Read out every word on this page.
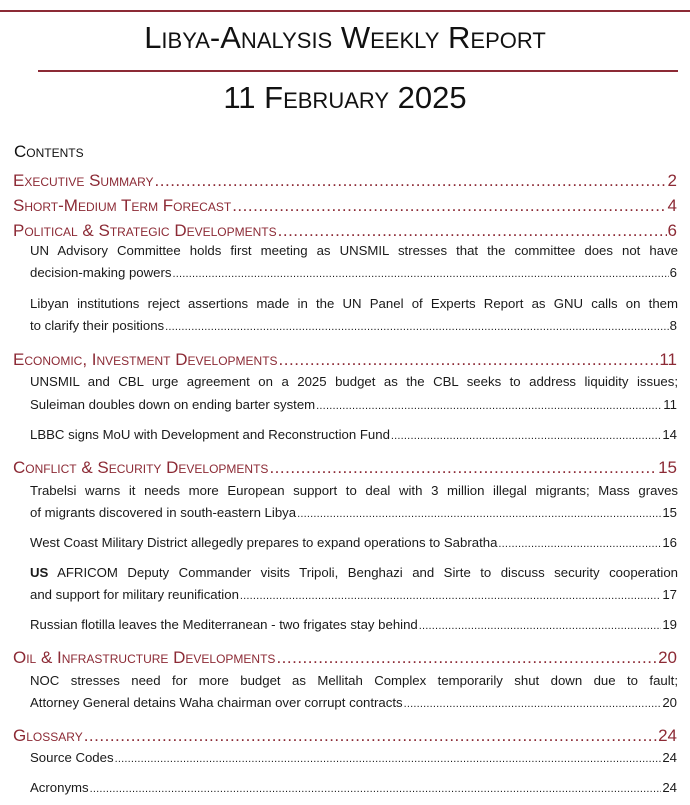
Libya-Analysis Weekly Report
11 February 2025
Contents
Executive Summary .....	2
Short-Medium Term Forecast .....	4
Political & Strategic Developments .....	6
UN Advisory Committee holds first meeting as UNSMIL stresses that the committee does not have
decision-making powers .....	6
Libyan institutions reject assertions made in the UN Panel of Experts Report as GNU calls on them
to clarify their positions .....	8
Economic, Investment Developments .....	11
UNSMIL and CBL urge agreement on a 2025 budget as the CBL seeks to address liquidity issues;
Suleiman doubles down on ending barter system .....	11
LBBC signs MoU with Development and Reconstruction Fund .....	14
Conflict & Security Developments .....	15
Trabelsi warns it needs more European support to deal with 3 million illegal migrants; Mass graves
of migrants discovered in south-eastern Libya .....	15
West Coast Military District allegedly prepares to expand operations to Sabratha .....	16
US AFRICOM Deputy Commander visits Tripoli, Benghazi and Sirte to discuss security cooperation
and support for military reunification .....	17
Russian flotilla leaves the Mediterranean - two frigates stay behind .....	19
Oil & Infrastructure Developments .....	20
NOC stresses need for more budget as Mellitah Complex temporarily shut down due to fault;
Attorney General detains Waha chairman over corrupt contracts .....	20
Glossary .....	24
Source Codes .....	24
Acronyms .....	24
